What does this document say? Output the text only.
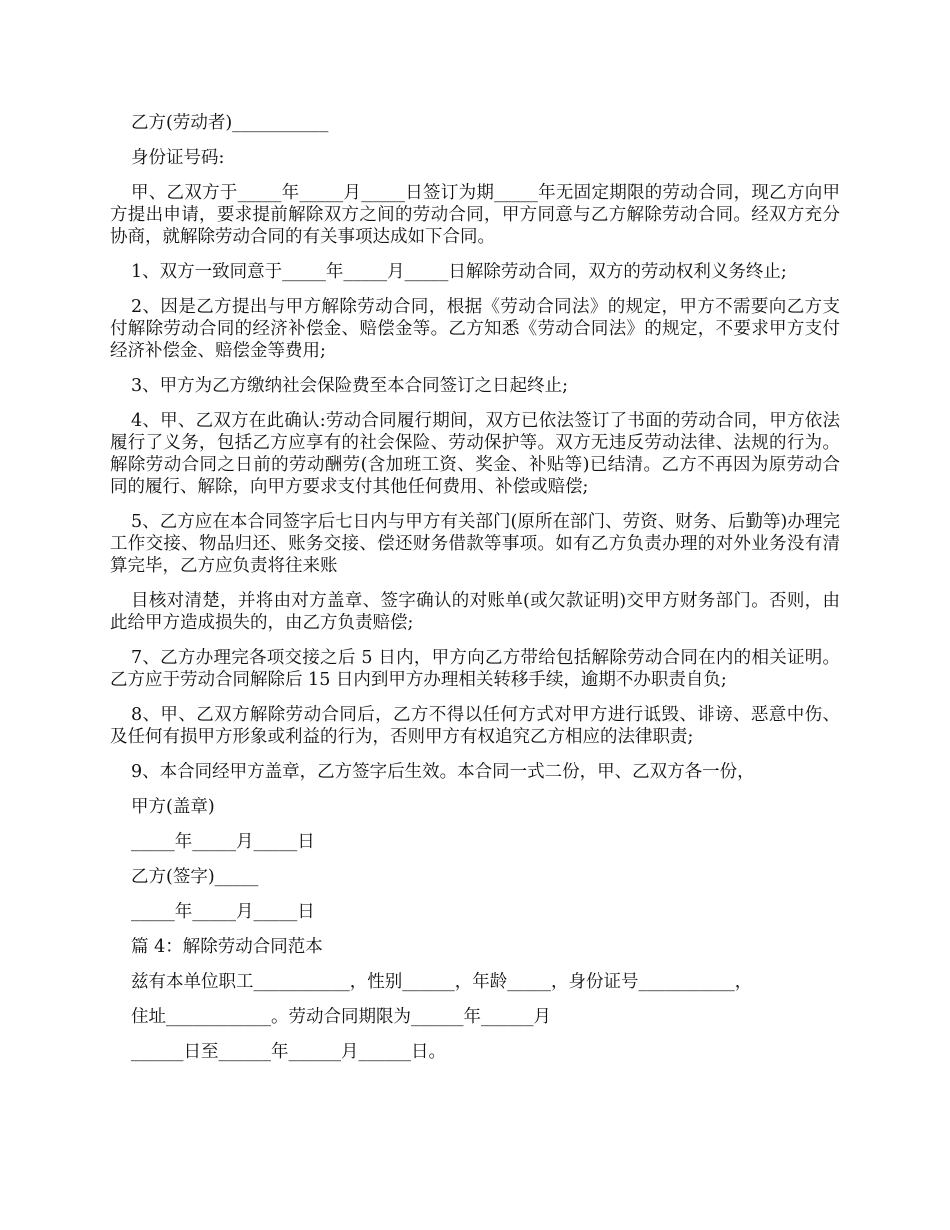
乙方(劳动者)___________

身份证号码:

甲、乙双方于_____年_____月_____日签订为期_____年无固定期限的劳动合同，现乙方向甲方提出申请，要求提前解除双方之间的劳动合同，甲方同意与乙方解除劳动合同。经双方充分协商，就解除劳动合同的有关事项达成如下合同。

1、双方一致同意于_____年_____月_____日解除劳动合同，双方的劳动权利义务终止;

2、因是乙方提出与甲方解除劳动合同，根据《劳动合同法》的规定，甲方不需要向乙方支付解除劳动合同的经济补偿金、赔偿金等。乙方知悉《劳动合同法》的规定，不要求甲方支付经济补偿金、赔偿金等费用;

3、甲方为乙方缴纳社会保险费至本合同签订之日起终止;

4、甲、乙双方在此确认:劳动合同履行期间，双方已依法签订了书面的劳动合同，甲方依法履行了义务，包括乙方应享有的社会保险、劳动保护等。双方无违反劳动法律、法规的行为。解除劳动合同之日前的劳动酬劳(含加班工资、奖金、补贴等)已结清。乙方不再因为原劳动合同的履行、解除，向甲方要求支付其他任何费用、补偿或赔偿;

5、乙方应在本合同签字后七日内与甲方有关部门(原所在部门、劳资、财务、后勤等)办理完工作交接、物品归还、账务交接、偿还财务借款等事项。如有乙方负责办理的对外业务没有清算完毕，乙方应负责将往来账

目核对清楚，并将由对方盖章、签字确认的对账单(或欠款证明)交甲方财务部门。否则，由此给甲方造成损失的，由乙方负责赔偿;

7、乙方办理完各项交接之后 5 日内，甲方向乙方带给包括解除劳动合同在内的相关证明。乙方应于劳动合同解除后 15 日内到甲方办理相关转移手续，逾期不办职责自负;

8、甲、乙双方解除劳动合同后，乙方不得以任何方式对甲方进行诋毁、诽谤、恶意中伤、及任何有损甲方形象或利益的行为，否则甲方有权追究乙方相应的法律职责;

9、本合同经甲方盖章，乙方签字后生效。本合同一式二份，甲、乙双方各一份，

甲方(盖章)

_____年_____月_____日

乙方(签字)_____

_____年_____月_____日

篇 4：解除劳动合同范本

兹有本单位职工___________，性别______，年龄_____，身份证号___________，

住址____________。劳动合同期限为______年______月

______日至______年______月______日。
